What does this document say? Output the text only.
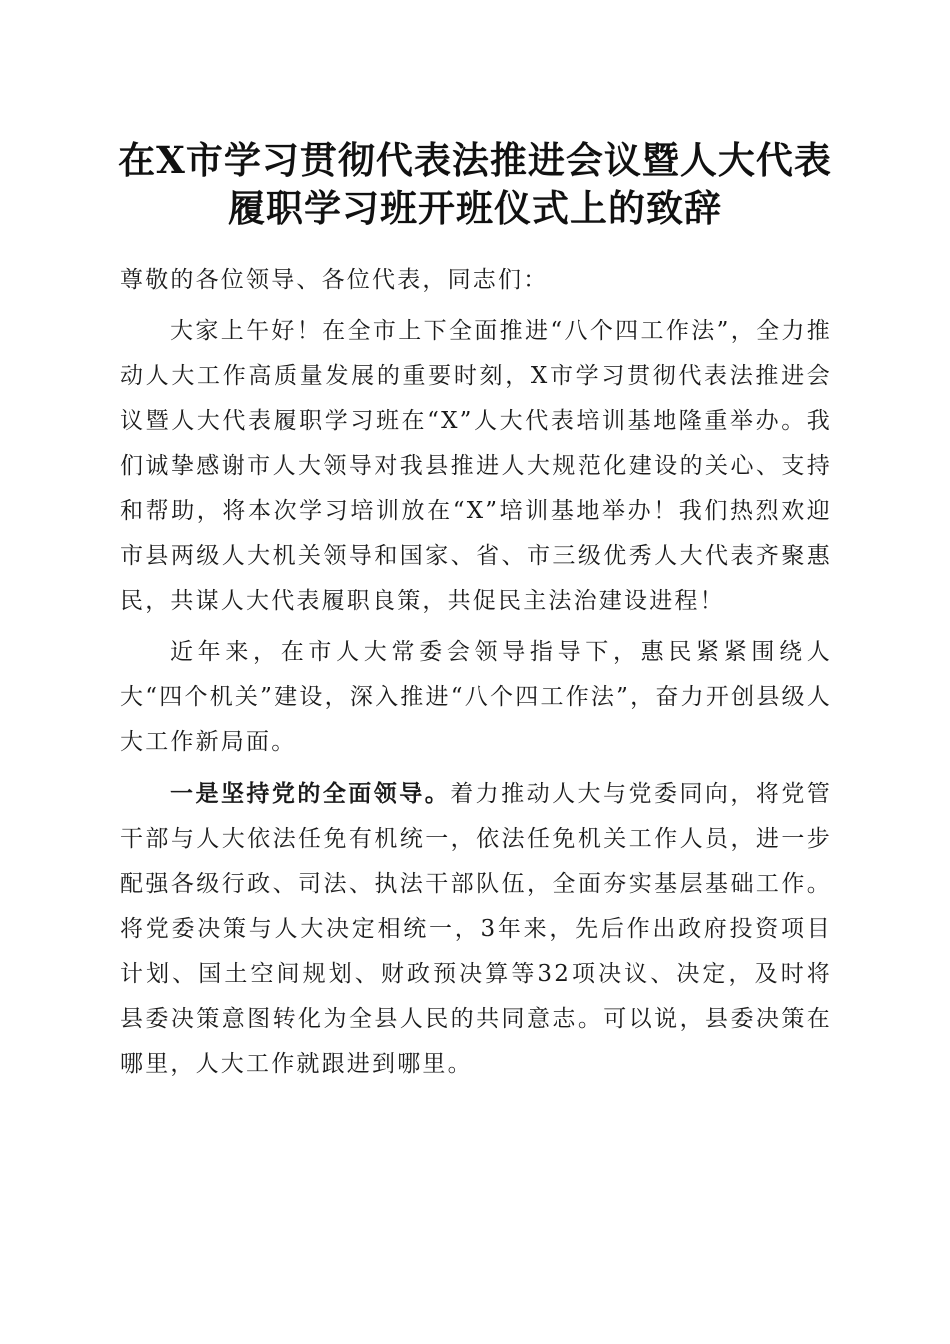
在X市学习贯彻代表法推进会议暨人大代表
履职学习班开班仪式上的致辞

尊敬的各位领导、各位代表，同志们：

大家上午好！在全市上下全面推进“八个四工作法”，全力推动人大工作高质量发展的重要时刻，X市学习贯彻代表法推进会议暨人大代表履职学习班在“X”人大代表培训基地隆重举办。我们诚挚感谢市人大领导对我县推进人大规范化建设的关心、支持和帮助，将本次学习培训放在“X”培训基地举办！我们热烈欢迎市县两级人大机关领导和国家、省、市三级优秀人大代表齐聚惠民，共谋人大代表履职良策，共促民主法治建设进程！

近年来，在市人大常委会领导指导下，惠民紧紧围绕人大“四个机关”建设，深入推进“八个四工作法”，奋力开创县级人大工作新局面。

一是坚持党的全面领导。着力推动人大与党委同向，将党管干部与人大依法任免有机统一，依法任免机关工作人员，进一步配强各级行政、司法、执法干部队伍，全面夯实基层基础工作。将党委决策与人大决定相统一，3年来，先后作出政府投资项目计划、国土空间规划、财政预决算等32项决议、决定，及时将县委决策意图转化为全县人民的共同意志。可以说，县委决策在哪里，人大工作就跟进到哪里。
